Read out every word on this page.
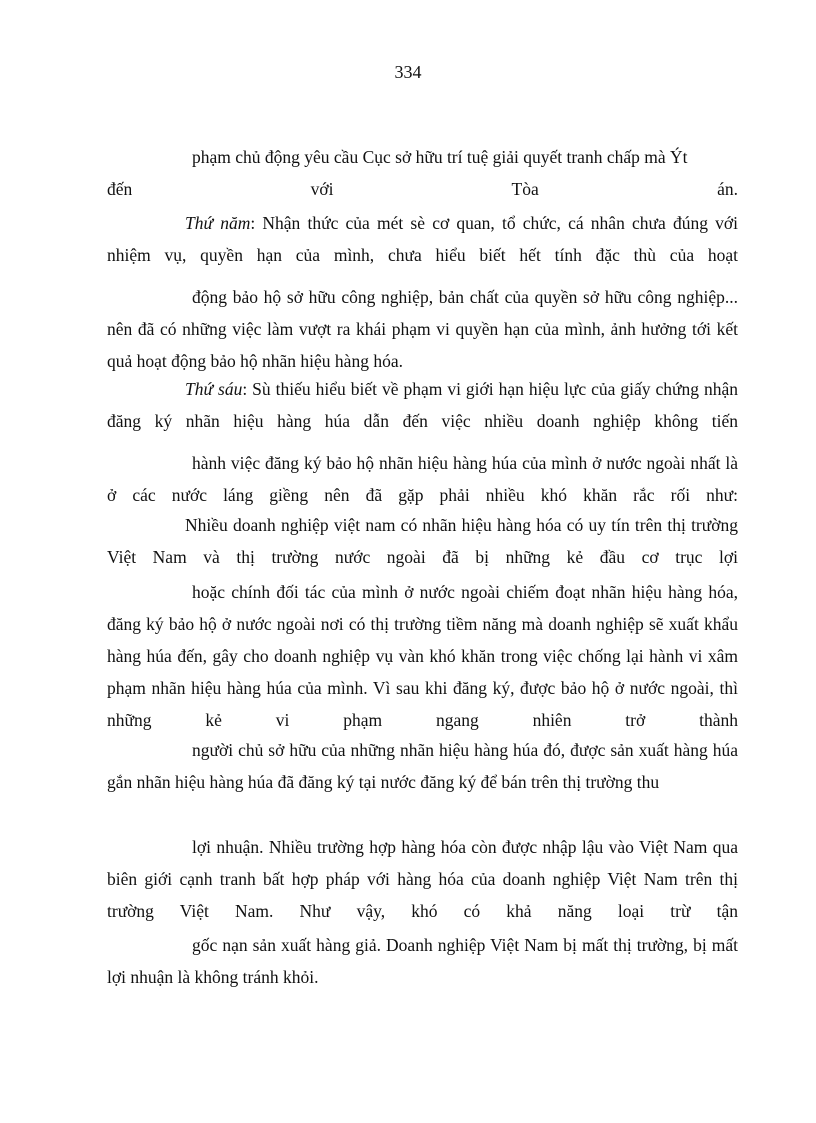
334
phạm chủ động yêu cầu Cục sở hữu trí tuệ giải quyết tranh chấp mà Ýt
đến với Tòa án.
Thứ năm: Nhận thức của mét sè cơ quan, tổ chức, cá nhân chưa đúng với nhiệm vụ, quyền hạn của mình, chưa hiểu biết hết tính đặc thù của hoạt
động bảo hộ sở hữu công nghiệp, bản chất của quyền sở hữu công nghiệp... nên đã có những việc làm vượt ra khái phạm vi quyền hạn của mình, ảnh hưởng tới kết quả hoạt động bảo hộ nhãn hiệu hàng hóa.
Thứ sáu: Sù thiếu hiểu biết về phạm vi giới hạn hiệu lực của giấy chứng nhận đăng ký nhãn hiệu hàng húa dẫn đến việc nhiều doanh nghiệp không tiến
hành việc đăng ký bảo hộ nhãn hiệu hàng húa của mình ở nước ngoài nhất là ở các nước láng giềng nên đã gặp phải nhiều khó khăn rắc rối như:
Nhiều doanh nghiệp việt nam có nhãn hiệu hàng hóa có uy tín trên thị trường Việt Nam và thị trường nước ngoài đã bị những kẻ đầu cơ trục lợi
hoặc chính đối tác của mình ở nước ngoài chiếm đoạt nhãn hiệu hàng hóa, đăng ký bảo hộ ở nước ngoài nơi có thị trường tiềm năng mà doanh nghiệp sẽ xuất khẩu hàng húa đến, gây cho doanh nghiệp vụ vàn khó khăn trong việc chống lại hành vi xâm phạm nhãn hiệu hàng húa của mình. Vì sau khi đăng ký, được bảo hộ ở nước ngoài, thì những kẻ vi phạm ngang nhiên trở thành
người chủ sở hữu của những nhãn hiệu hàng húa đó, được sản xuất hàng húa gắn nhãn hiệu hàng húa đã đăng ký tại nước đăng ký để bán trên thị trường thu
lợi nhuận. Nhiều trường hợp hàng hóa còn được nhập lậu vào Việt Nam qua biên giới cạnh tranh bất hợp pháp với hàng hóa của doanh nghiệp Việt Nam trên thị trường Việt Nam. Như vậy, khó có khả năng loại trừ tận
gốc nạn sản xuất hàng giả. Doanh nghiệp Việt Nam bị mất thị trường, bị mất lợi nhuận là không tránh khỏi.
